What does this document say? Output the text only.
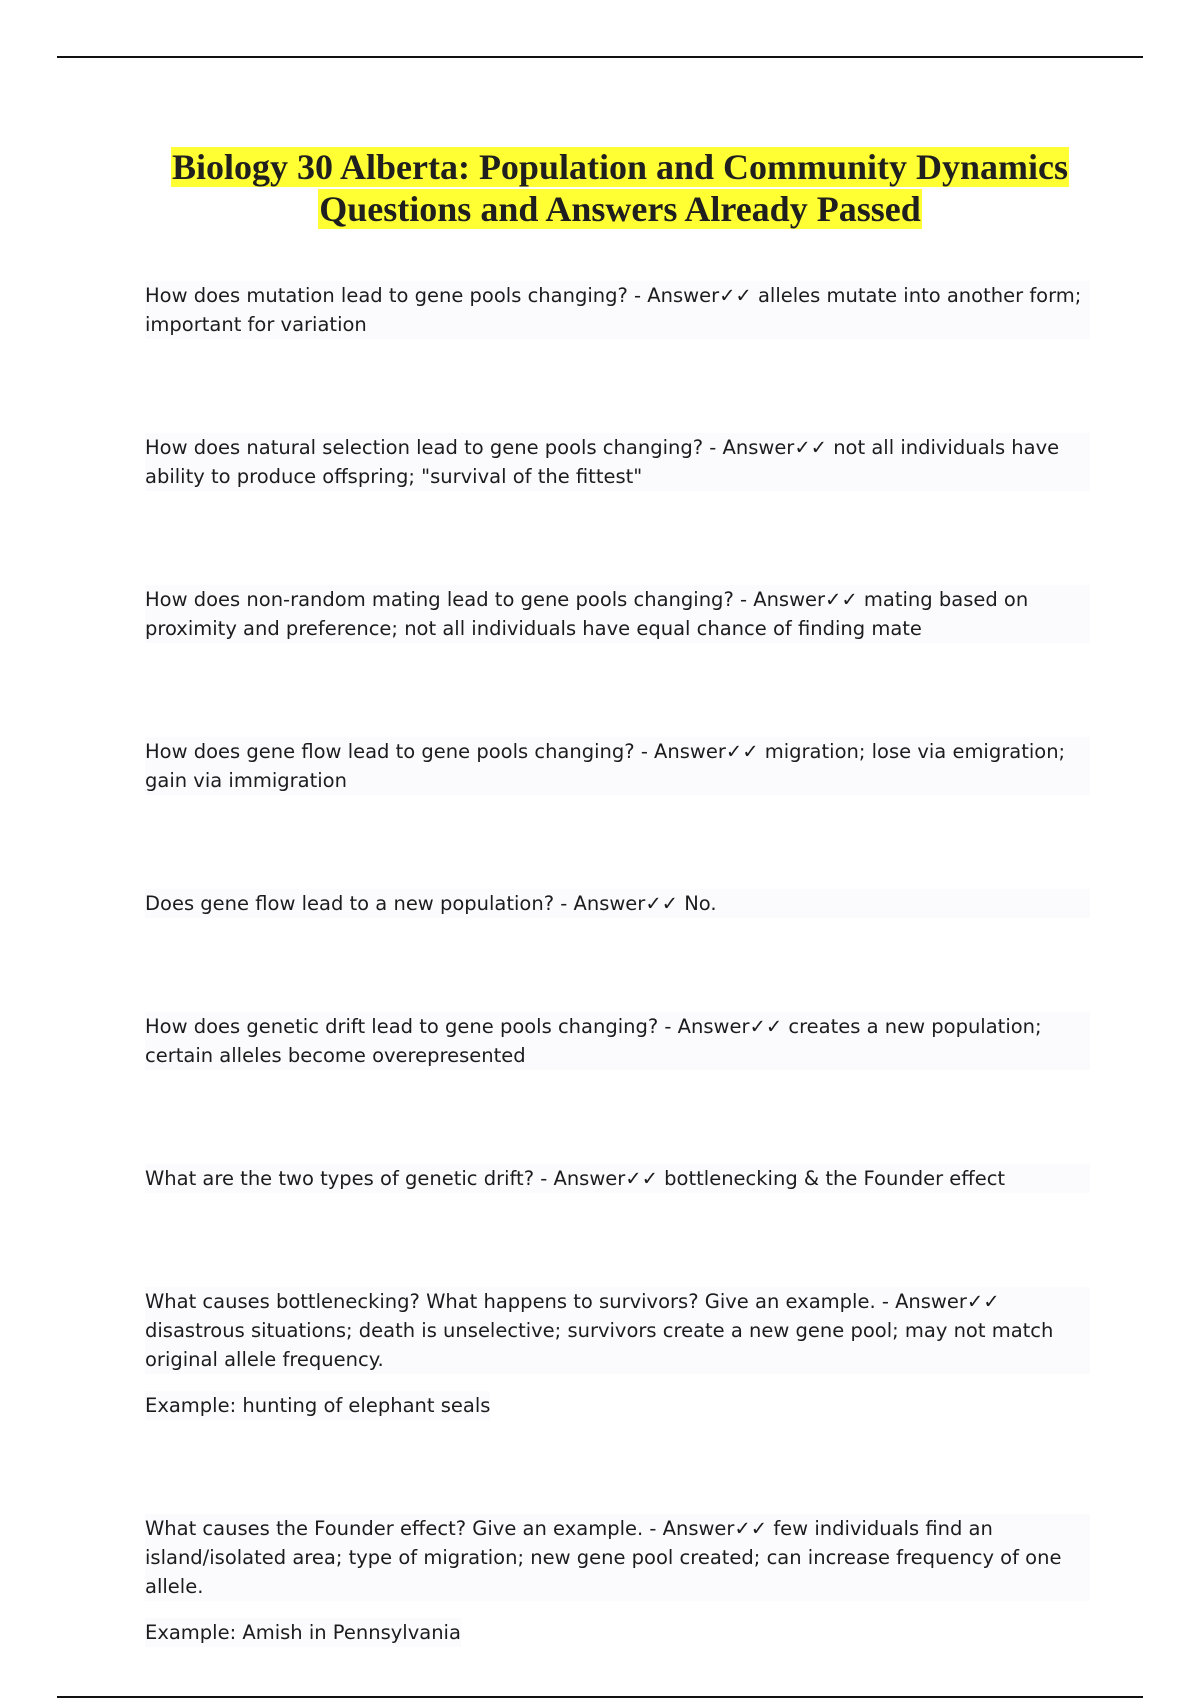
Biology 30 Alberta: Population and Community Dynamics
Questions and Answers Already Passed

How does mutation lead to gene pools changing? - Answer✓✓ alleles mutate into another form; important for variation

How does natural selection lead to gene pools changing? - Answer✓✓ not all individuals have ability to produce offspring; "survival of the fittest"

How does non-random mating lead to gene pools changing? - Answer✓✓ mating based on proximity and preference; not all individuals have equal chance of finding mate

How does gene flow lead to gene pools changing? - Answer✓✓ migration; lose via emigration; gain via immigration

Does gene flow lead to a new population? - Answer✓✓ No.

How does genetic drift lead to gene pools changing? - Answer✓✓ creates a new population; certain alleles become overepresented

What are the two types of genetic drift? - Answer✓✓ bottlenecking & the Founder effect

What causes bottlenecking? What happens to survivors? Give an example. - Answer✓✓ disastrous situations; death is unselective; survivors create a new gene pool; may not match original allele frequency.

Example: hunting of elephant seals

What causes the Founder effect? Give an example. - Answer✓✓ few individuals find an island/isolated area; type of migration; new gene pool created; can increase frequency of one allele.

Example: Amish in Pennsylvania
